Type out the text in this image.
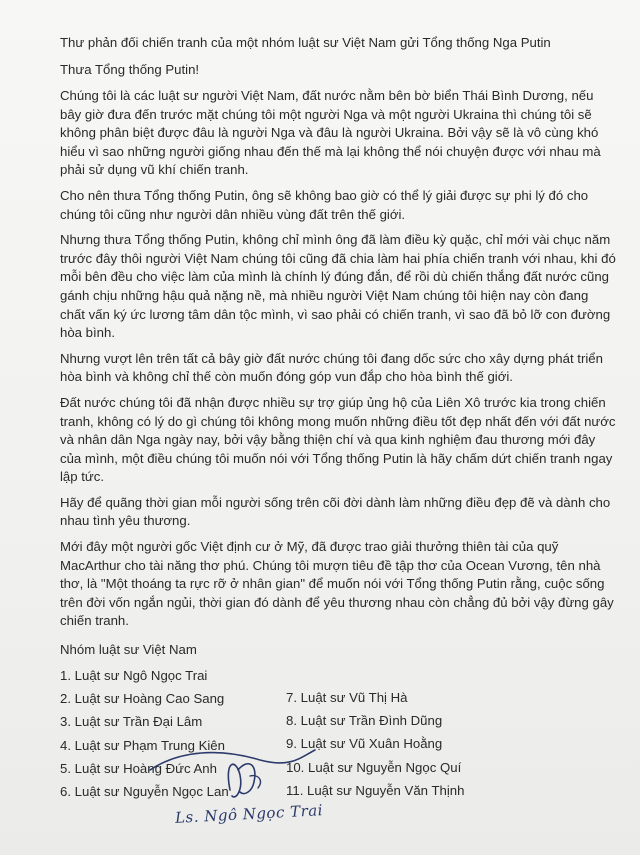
Thư phản đối chiến tranh của một nhóm luật sư Việt Nam gửi Tổng thống Nga Putin

Thưa Tổng thống Putin!

Chúng tôi là các luật sư người Việt Nam, đất nước nằm bên bờ biển Thái Bình Dương, nếu bây giờ đưa đến trước mặt chúng tôi một người Nga và một người Ukraina thì chúng tôi sẽ không phân biệt được đâu là người Nga và đâu là người Ukraina. Bởi vậy sẽ là vô cùng khó hiểu vì sao những người giống nhau đến thế mà lại không thể nói chuyện được với nhau mà phải sử dụng vũ khí chiến tranh.

Cho nên thưa Tổng thống Putin, ông sẽ không bao giờ có thể lý giải được sự phi lý đó cho chúng tôi cũng như người dân nhiều vùng đất trên thế giới.

Nhưng thưa Tổng thống Putin, không chỉ mình ông đã làm điều kỳ quặc, chỉ mới vài chục năm trước đây thôi người Việt Nam chúng tôi cũng đã chia làm hai phía chiến tranh với nhau, khi đó mỗi bên đều cho việc làm của mình là chính lý đúng đắn, để rồi dù chiến thắng đất nước cũng gánh chịu những hậu quả nặng nề, mà nhiều người Việt Nam chúng tôi hiện nay còn đang chất vấn ký ức lương tâm dân tộc mình, vì sao phải có chiến tranh, vì sao đã bỏ lỡ con đường hòa bình.

Nhưng vượt lên trên tất cả bây giờ đất nước chúng tôi đang dốc sức cho xây dựng phát triển hòa bình và không chỉ thế còn muốn đóng góp vun đắp cho hòa bình thế giới.

Đất nước chúng tôi đã nhận được nhiều sự trợ giúp ủng hộ của Liên Xô trước kia trong chiến tranh, không có lý do gì chúng tôi không mong muốn những điều tốt đẹp nhất đến với đất nước và nhân dân Nga ngày nay, bởi vậy bằng thiện chí và qua kinh nghiệm đau thương mới đây của mình, một điều chúng tôi muốn nói với Tổng thống Putin là hãy chấm dứt chiến tranh ngay lập tức.

Hãy để quãng thời gian mỗi người sống trên cõi đời dành làm những điều đẹp đẽ và dành cho nhau tình yêu thương.

Mới đây một người gốc Việt định cư ở Mỹ, đã được trao giải thưởng thiên tài của quỹ MacArthur cho tài năng thơ phú. Chúng tôi mượn tiêu đề tập thơ của Ocean Vương, tên nhà thơ, là "Một thoáng ta rực rỡ ở nhân gian" để muốn nói với Tổng thống Putin rằng, cuộc sống trên đời vốn ngắn ngủi, thời gian đó dành để yêu thương nhau còn chẳng đủ bởi vậy đừng gây chiến tranh.

Nhóm luật sư Việt Nam

1. Luật sư Ngô Ngọc Trai
2. Luật sư Hoàng Cao Sang
3. Luật sư Trần Đại Lâm
4. Luật sư Phạm Trung Kiên
5. Luật sư Hoàng Đức Anh
6. Luật sư Nguyễn Ngọc Lan
7. Luật sư Vũ Thị Hà
8. Luật sư Trần Đình Dũng
9. Luật sư Vũ Xuân Hoằng
10. Luật sư Nguyễn Ngọc Quí
11. Luật sư Nguyễn Văn Thịnh
Ls. Ngô Ngọc Trai
